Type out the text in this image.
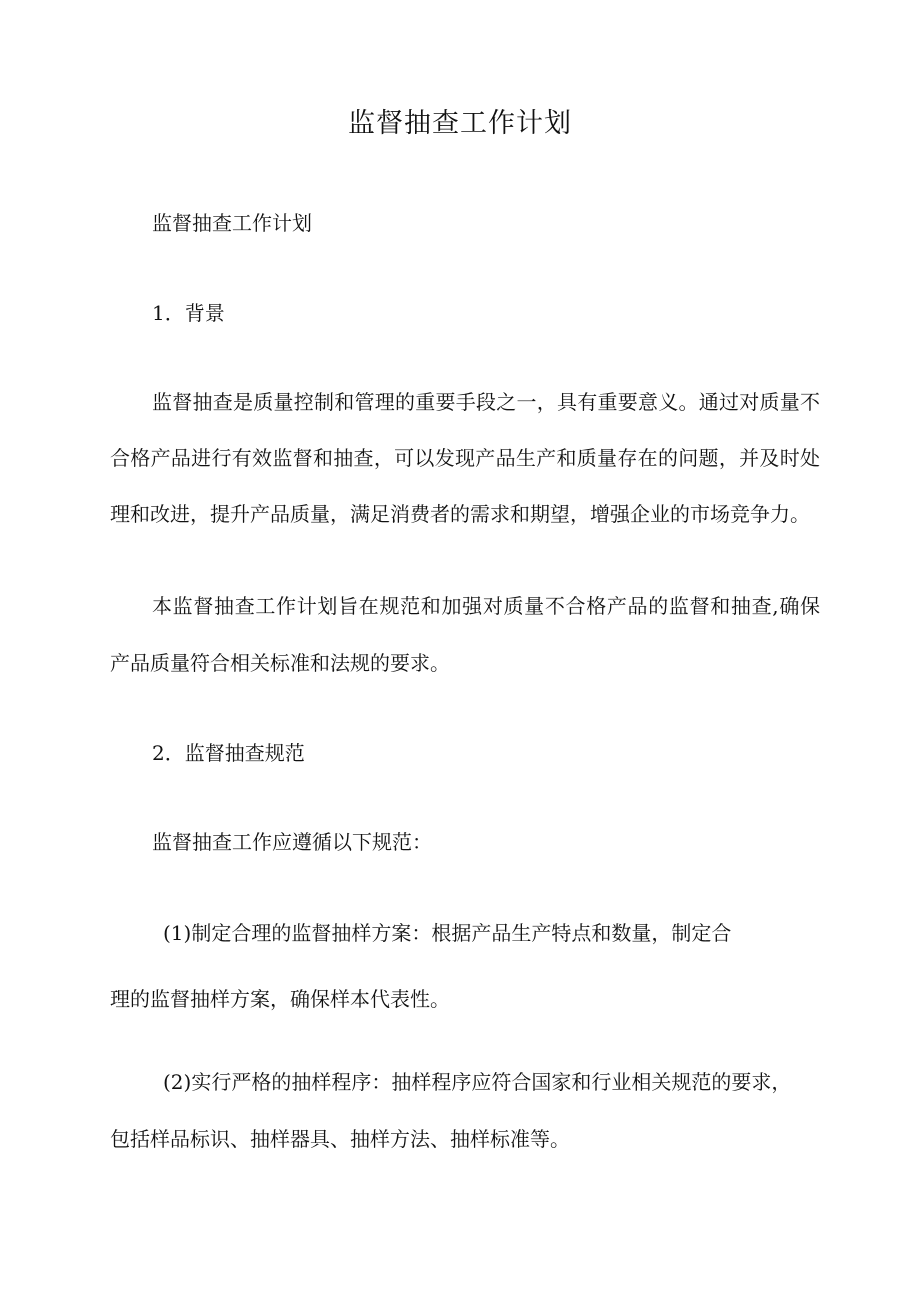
监督抽查工作计划

监督抽查工作计划

1．背景

监督抽查是质量控制和管理的重要手段之一，具有重要意义。通过对质量不

合格产品进行有效监督和抽查，可以发现产品生产和质量存在的问题，并及时处

理和改进，提升产品质量，满足消费者的需求和期望，增强企业的市场竞争力。

本监督抽查工作计划旨在规范和加强对质量不合格产品的监督和抽查,确保

产品质量符合相关标准和法规的要求。

2．监督抽查规范

监督抽查工作应遵循以下规范：

(1)制定合理的监督抽样方案：根据产品生产特点和数量，制定合

理的监督抽样方案，确保样本代表性。

(2)实行严格的抽样程序：抽样程序应符合国家和行业相关规范的要求，

包括样品标识、抽样器具、抽样方法、抽样标准等。
